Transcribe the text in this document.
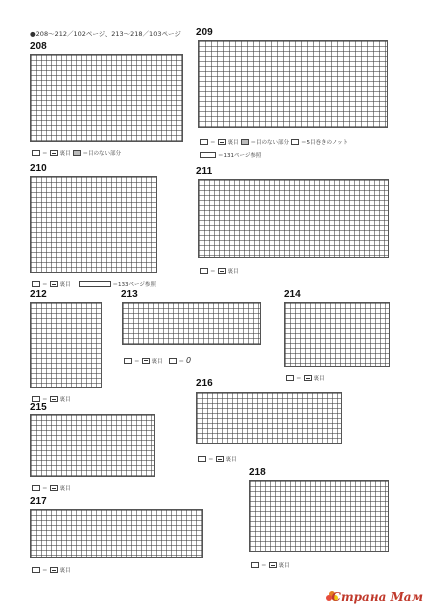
●208～212／102ページ、213～218／103ページ
208
＝ 裏目 ＝目のない部分
209
＝ 裏目 ＝目のない部分 ＝5目巻きのノット
＝131ページ参照
210
＝ 裏目	＝133ページ参照
211
＝ 裏目
212
＝ 裏目
213
＝ 裏目	＝ 0
214
＝ 裏目
215
＝ 裏目
216
＝ 裏目
217
＝ 裏目
218
＝ 裏目
Страна Мам
